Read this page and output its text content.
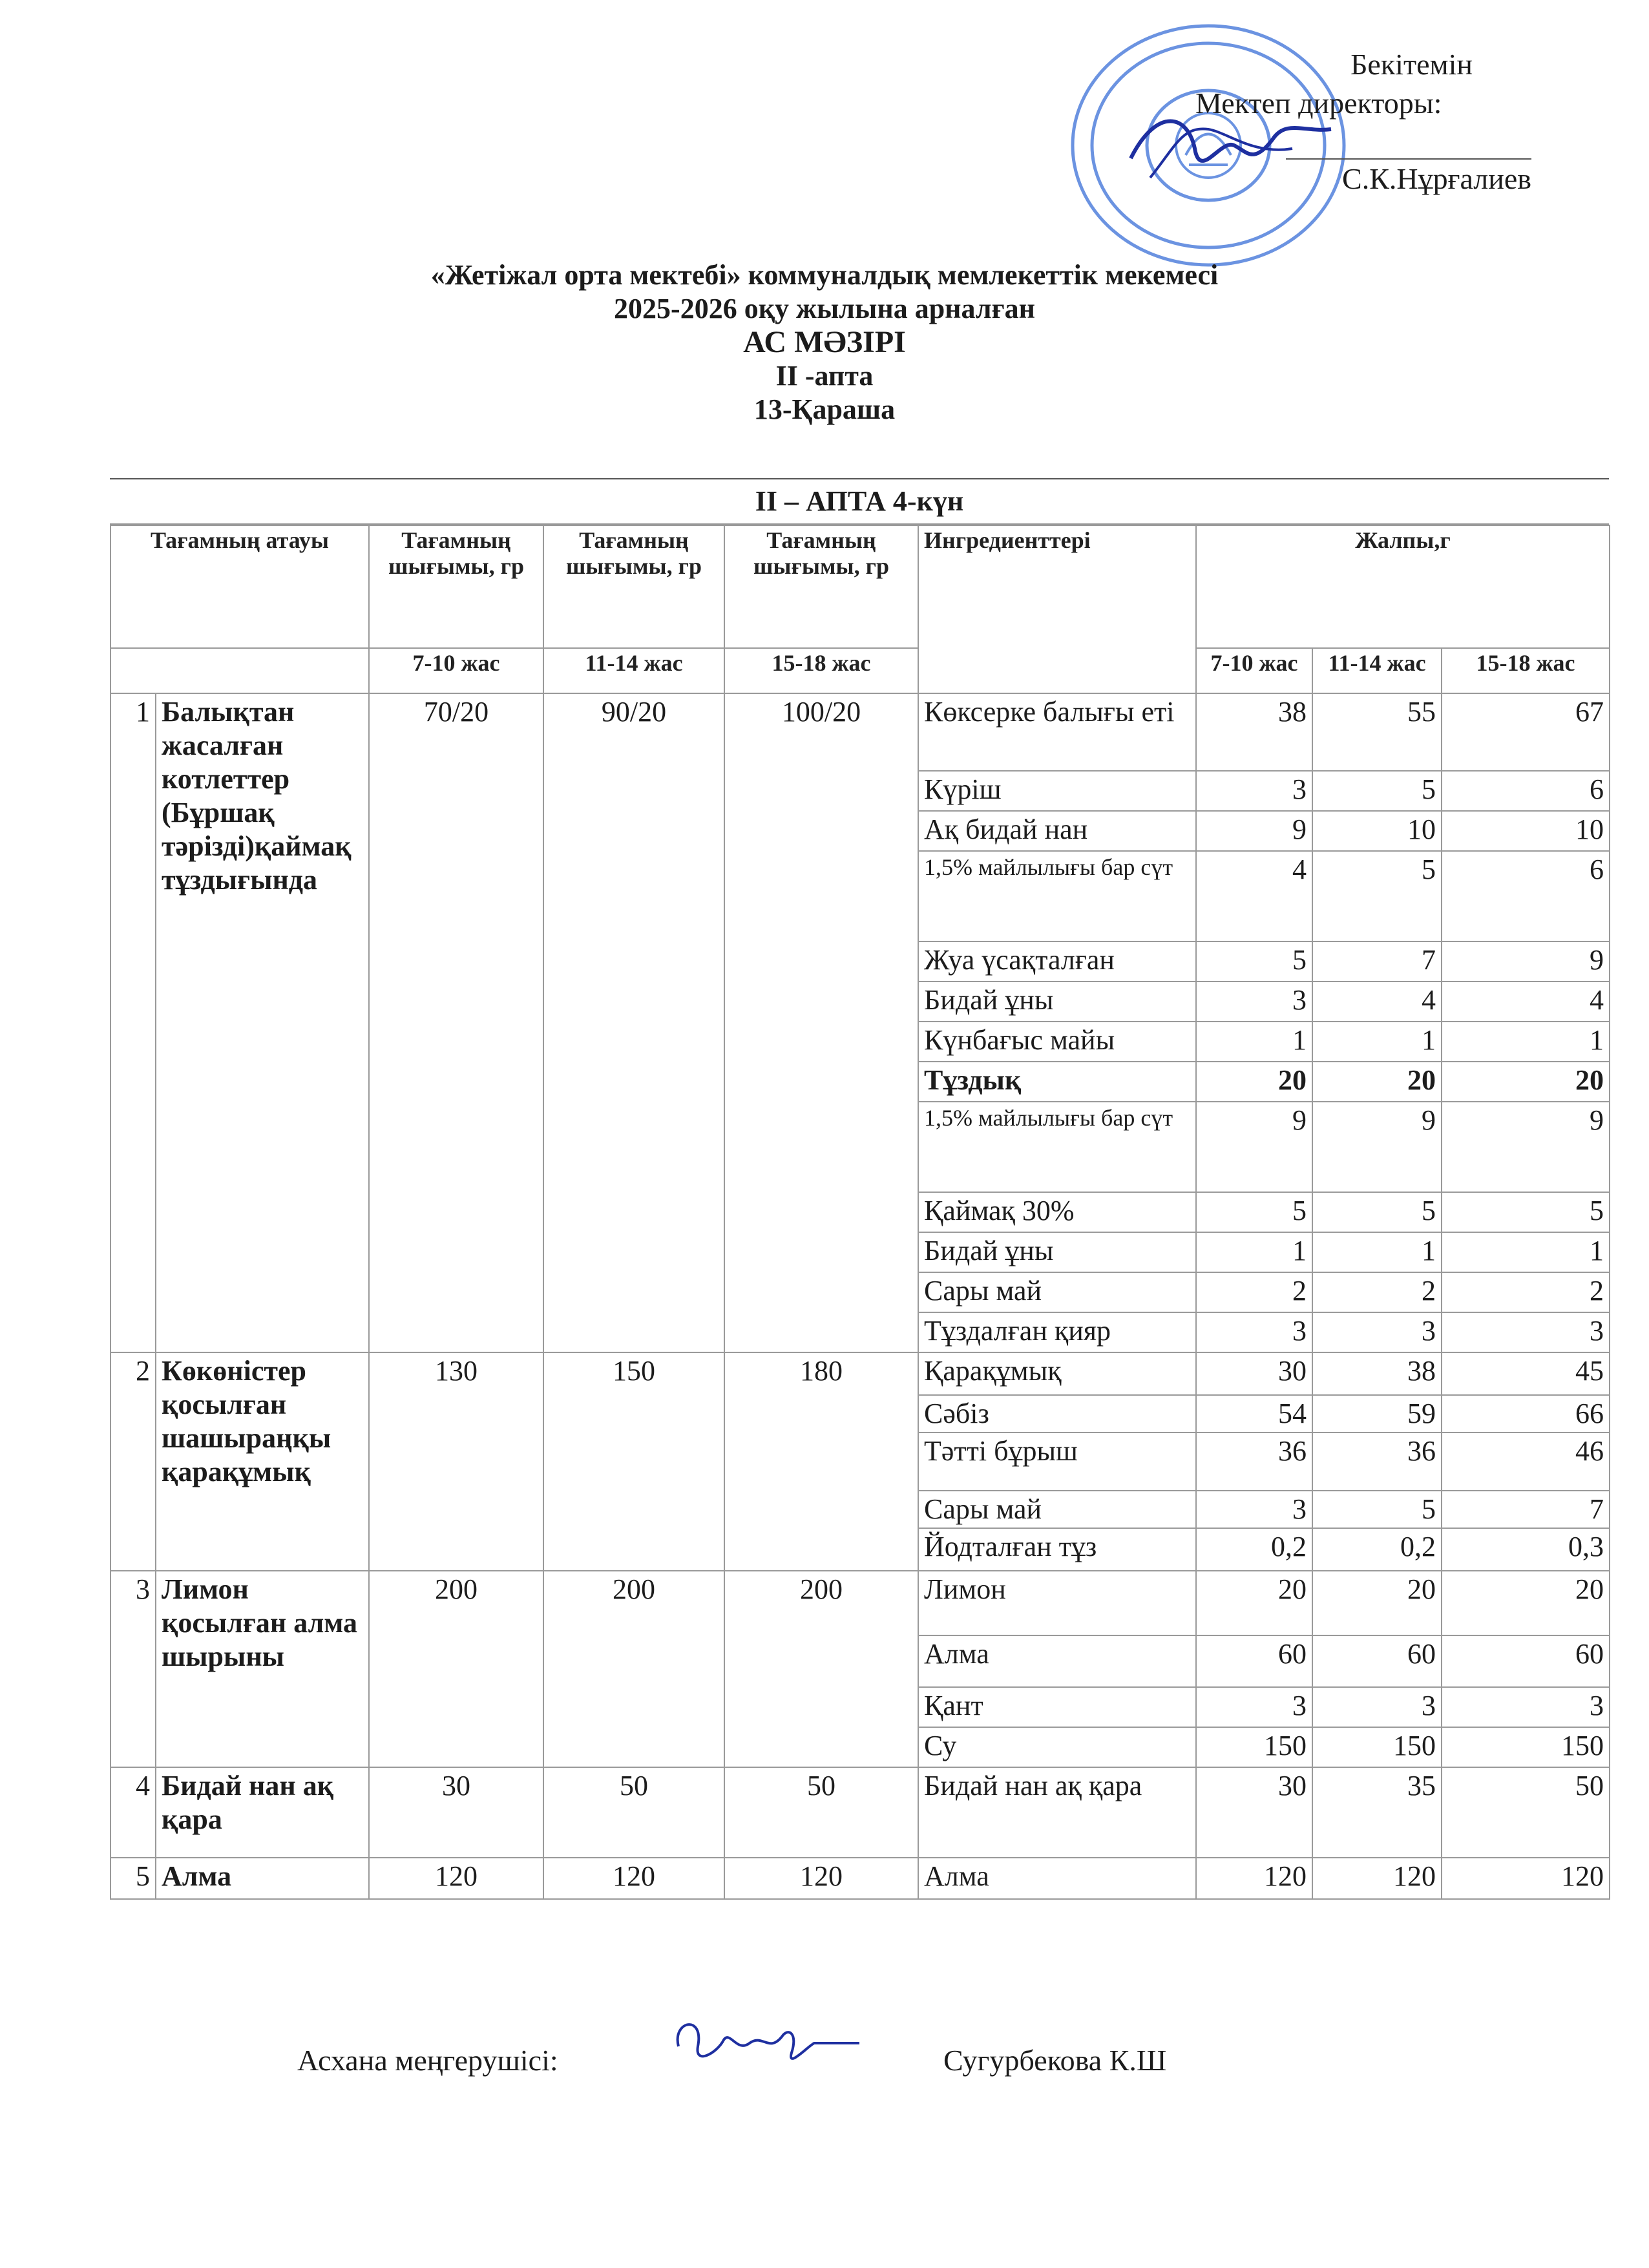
Бекітемін
Мектеп директоры:
С.К.Нұрғалиев
«Жетіжал орта мектебі» коммуналдық мемлекеттік мекемесі
2025-2026 оқу жылына арналған
АС МӘЗІРІ
ІІ -апта
13-Қараша
ІІ – АПТА 4-күн
Тағамның атауы		Тағамның шығымы, гр	Тағамның шығымы, гр	Тағамның шығымы, гр	Ингредиенттері	Жалпы,г		
		7-10 жас	11-14 жас	15-18 жас		7-10 жас	11-14 жас	15-18 жас
1	Балықтан жасалған котлеттер (Бұршақ тәрізді)қаймақ тұздығында	70/20	90/20	100/20	Көксерке балығы еті	38	55	67
					Күріш	3	5	6
					Ақ бидай нан	9	10	10
					1,5% майлылығы бар сүт	4	5	6
					Жуа үсақталған	5	7	9
					Бидай ұны	3	4	4
					Күнбағыс майы	1	1	1
					Тұздық	20	20	20
					1,5% майлылығы бар сүт	9	9	9
					Қаймақ 30%	5	5	5
					Бидай ұны	1	1	1
					Сары май	2	2	2
					Тұздалған қияр	3	3	3
2	Көкөністер қосылған шашыраңқы қарақұмық	130	150	180	Қарақұмық	30	38	45
					Сәбіз	54	59	66
					Тәтті бұрыш	36	36	46
					Сары май	3	5	7
					Йодталған тұз	0,2	0,2	0,3
3	Лимон қосылған алма шырыны	200	200	200	Лимон	20	20	20
					Алма	60	60	60
					Қант	3	3	3
					Су	150	150	150
4	Бидай нан ақ қара	30	50	50	Бидай нан ақ қара	30	35	50
5	Алма	120	120	120	Алма	120	120	120
Асхана меңгерушісі:	Сугурбекова К.Ш
